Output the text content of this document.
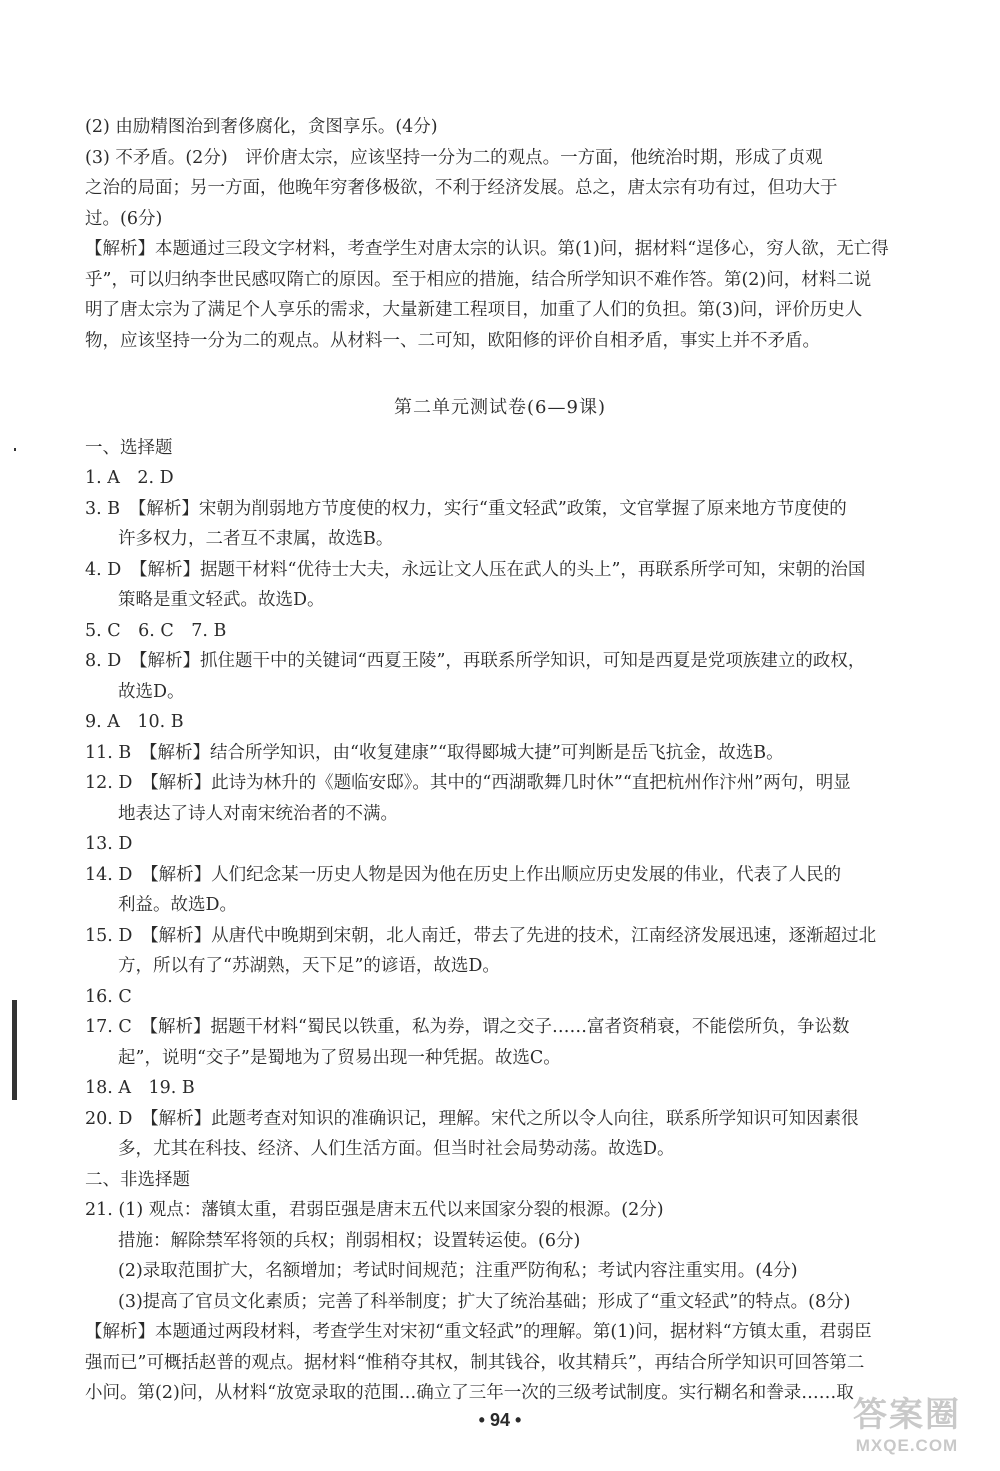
(2) 由励精图治到奢侈腐化，贪图享乐。(4分)
(3) 不矛盾。(2分)　评价唐太宗，应该坚持一分为二的观点。一方面，他统治时期，形成了贞观
之治的局面；另一方面，他晚年穷奢侈极欲，不利于经济发展。总之，唐太宗有功有过，但功大于
过。(6分)
【解析】本题通过三段文字材料，考查学生对唐太宗的认识。第(1)问，据材料“逞侈心，穷人欲，无亡得
乎”，可以归纳李世民感叹隋亡的原因。至于相应的措施，结合所学知识不难作答。第(2)问，材料二说
明了唐太宗为了满足个人享乐的需求，大量新建工程项目，加重了人们的负担。第(3)问，评价历史人
物，应该坚持一分为二的观点。从材料一、二可知，欧阳修的评价自相矛盾，事实上并不矛盾。
第二单元测试卷(6—9课)
一、选择题
1. A　2. D
3. B　【解析】宋朝为削弱地方节度使的权力，实行“重文轻武”政策，文官掌握了原来地方节度使的
许多权力，二者互不隶属，故选B。
4. D　【解析】据题干材料“优待士大夫，永远让文人压在武人的头上”，再联系所学可知，宋朝的治国
策略是重文轻武。故选D。
5. C　6. C　7. B
8. D　【解析】抓住题干中的关键词“西夏王陵”，再联系所学知识，可知是西夏是党项族建立的政权，
故选D。
9. A　10. B
11. B　【解析】结合所学知识，由“收复建康”“取得郾城大捷”可判断是岳飞抗金，故选B。
12. D　【解析】此诗为林升的《题临安邸》。其中的“西湖歌舞几时休”“直把杭州作汴州”两句，明显
地表达了诗人对南宋统治者的不满。
13. D
14. D　【解析】人们纪念某一历史人物是因为他在历史上作出顺应历史发展的伟业，代表了人民的
利益。故选D。
15. D　【解析】从唐代中晚期到宋朝，北人南迁，带去了先进的技术，江南经济发展迅速，逐渐超过北
方，所以有了“苏湖熟，天下足”的谚语，故选D。
16. C
17. C　【解析】据题干材料“蜀民以铁重，私为券，谓之交子……富者资稍衰，不能偿所负，争讼数
起”，说明“交子”是蜀地为了贸易出现一种凭据。故选C。
18. A　19. B
20. D　【解析】此题考查对知识的准确识记，理解。宋代之所以令人向往，联系所学知识可知因素很
多，尤其在科技、经济、人们生活方面。但当时社会局势动荡。故选D。
二、非选择题
21. (1) 观点：藩镇太重，君弱臣强是唐末五代以来国家分裂的根源。(2分)
措施：解除禁军将领的兵权；削弱相权；设置转运使。(6分)
(2)录取范围扩大，名额增加；考试时间规范；注重严防徇私；考试内容注重实用。(4分)
(3)提高了官员文化素质；完善了科举制度；扩大了统治基础；形成了“重文轻武”的特点。(8分)
【解析】本题通过两段材料，考查学生对宋初“重文轻武”的理解。第(1)问，据材料“方镇太重，君弱臣
强而已”可概括赵普的观点。据材料“惟稍夺其权，制其钱谷，收其精兵”，再结合所学知识可回答第二
小问。第(2)问，从材料“放宽录取的范围…确立了三年一次的三级考试制度。实行糊名和誊录……取
• 94 •	答案圈
MXQE.COM
